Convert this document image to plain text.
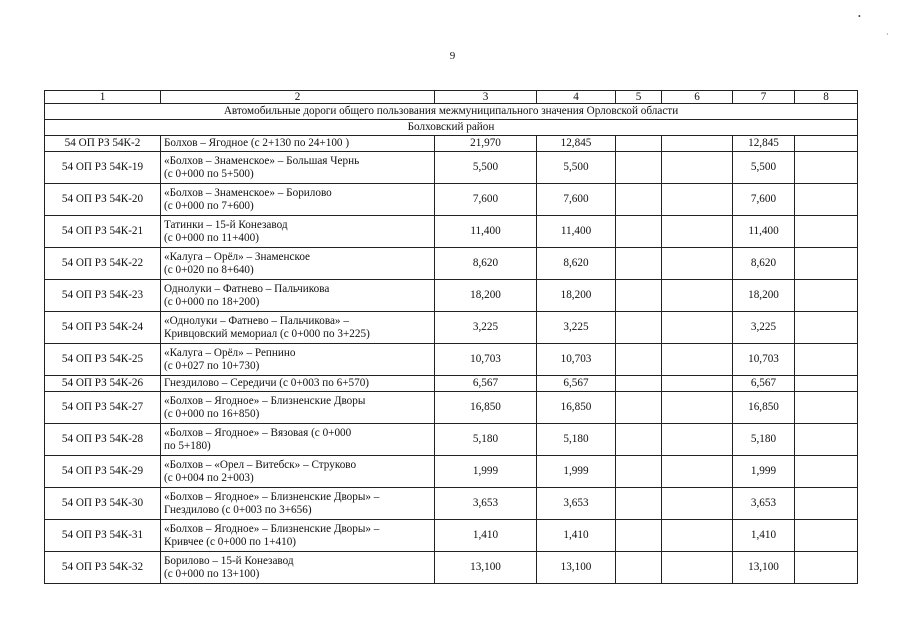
9
•
·
1	2	3	4	5	6	7	8
Автомобильные дороги общего пользования межмуниципального значения Орловской области							
Болховский район							
54 ОП РЗ 54К-2	Болхов – Ягодное (с 2+130 по 24+100 )	21,970	12,845			12,845	
54 ОП РЗ 54К-19	«Болхов – Знаменское» – Большая Чернь
(с 0+000 по 5+500)	5,500	5,500			5,500	
54 ОП РЗ 54К-20	«Болхов – Знаменское» – Борилово
(с 0+000 по 7+600)	7,600	7,600			7,600	
54 ОП РЗ 54К-21	Татинки – 15-й Конезавод
(с 0+000 по 11+400)	11,400	11,400			11,400	
54 ОП РЗ 54К-22	«Калуга – Орёл» – Знаменское
(с 0+020 по 8+640)	8,620	8,620			8,620	
54 ОП РЗ 54К-23	Однолуки – Фатнево – Пальчикова
(с 0+000 по 18+200)	18,200	18,200			18,200	
54 ОП РЗ 54К-24	«Однолуки – Фатнево – Пальчикова» –
Кривцовский мемориал (с 0+000 по 3+225)	3,225	3,225			3,225	
54 ОП РЗ 54К-25	«Калуга – Орёл» – Репнино
(с 0+027 по 10+730)	10,703	10,703			10,703	
54 ОП РЗ 54К-26	Гнездилово – Середичи (с 0+003 по 6+570)	6,567	6,567			6,567	
54 ОП РЗ 54К-27	«Болхов – Ягодное» – Близненские Дворы
(с 0+000 по 16+850)	16,850	16,850			16,850	
54 ОП РЗ 54К-28	«Болхов – Ягодное» – Вязовая (с 0+000
по 5+180)	5,180	5,180			5,180	
54 ОП РЗ 54К-29	«Болхов – «Орел – Витебск» – Струково
(с 0+004 по 2+003)	1,999	1,999			1,999	
54 ОП РЗ 54К-30	«Болхов – Ягодное» – Близненские Дворы» –
Гнездилово (с 0+003 по 3+656)	3,653	3,653			3,653	
54 ОП РЗ 54К-31	«Болхов – Ягодное» – Близненские Дворы» –
Кривчее (с 0+000 по 1+410)	1,410	1,410			1,410	
54 ОП РЗ 54К-32	Борилово – 15-й Конезавод
(с 0+000 по 13+100)	13,100	13,100			13,100	
